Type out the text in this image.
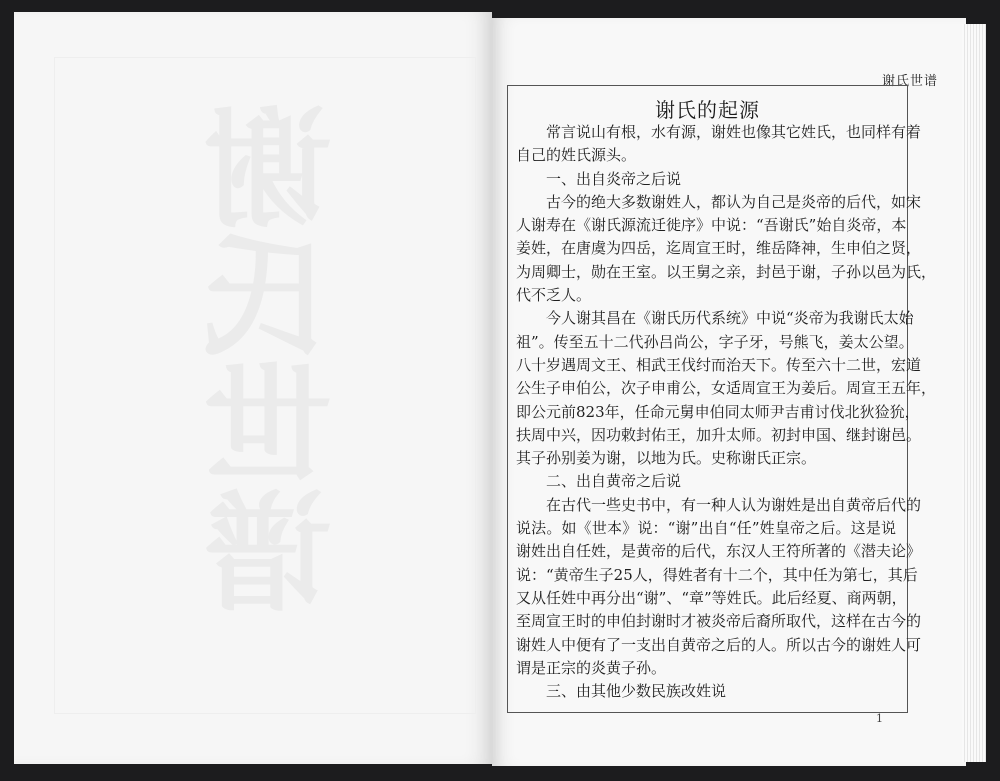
谢氏世谱
谢氏世谱
谢氏的起源
常言说山有根，水有源，谢姓也像其它姓氏，也同样有着
自己的姓氏源头。
一、出自炎帝之后说
古今的绝大多数谢姓人，都认为自己是炎帝的后代，如宋
人谢寿在《谢氏源流迁徙序》中说：“吾谢氏”始自炎帝，本
姜姓，在唐虞为四岳，迄周宣王时，维岳降神，生申伯之贤，
为周卿士，勋在王室。以王舅之亲，封邑于谢，子孙以邑为氏，
代不乏人。
今人谢其昌在《谢氏历代系统》中说“炎帝为我谢氏太始
祖”。传至五十二代孙吕尚公，字子牙，号熊飞，姜太公望。
八十岁遇周文王、相武王伐纣而治天下。传至六十二世，宏道
公生子申伯公，次子申甫公，女适周宣王为姜后。周宣王五年，
即公元前823年，任命元舅申伯同太师尹吉甫讨伐北狄猃狁，
扶周中兴，因功敕封佑王，加升太师。初封申国、继封谢邑。
其子孙别姜为谢，以地为氏。史称谢氏正宗。
二、出自黄帝之后说
在古代一些史书中，有一种人认为谢姓是出自黄帝后代的
说法。如《世本》说：“谢”出自“任”姓皇帝之后。这是说
谢姓出自任姓，是黄帝的后代，东汉人王符所著的《潜夫论》
说：“黄帝生子25人，得姓者有十二个，其中任为第七，其后
又从任姓中再分出“谢”、“章”等姓氏。此后经夏、商两朝，
至周宣王时的申伯封谢时才被炎帝后裔所取代，这样在古今的
谢姓人中便有了一支出自黄帝之后的人。所以古今的谢姓人可
谓是正宗的炎黄子孙。
三、由其他少数民族改姓说
1
